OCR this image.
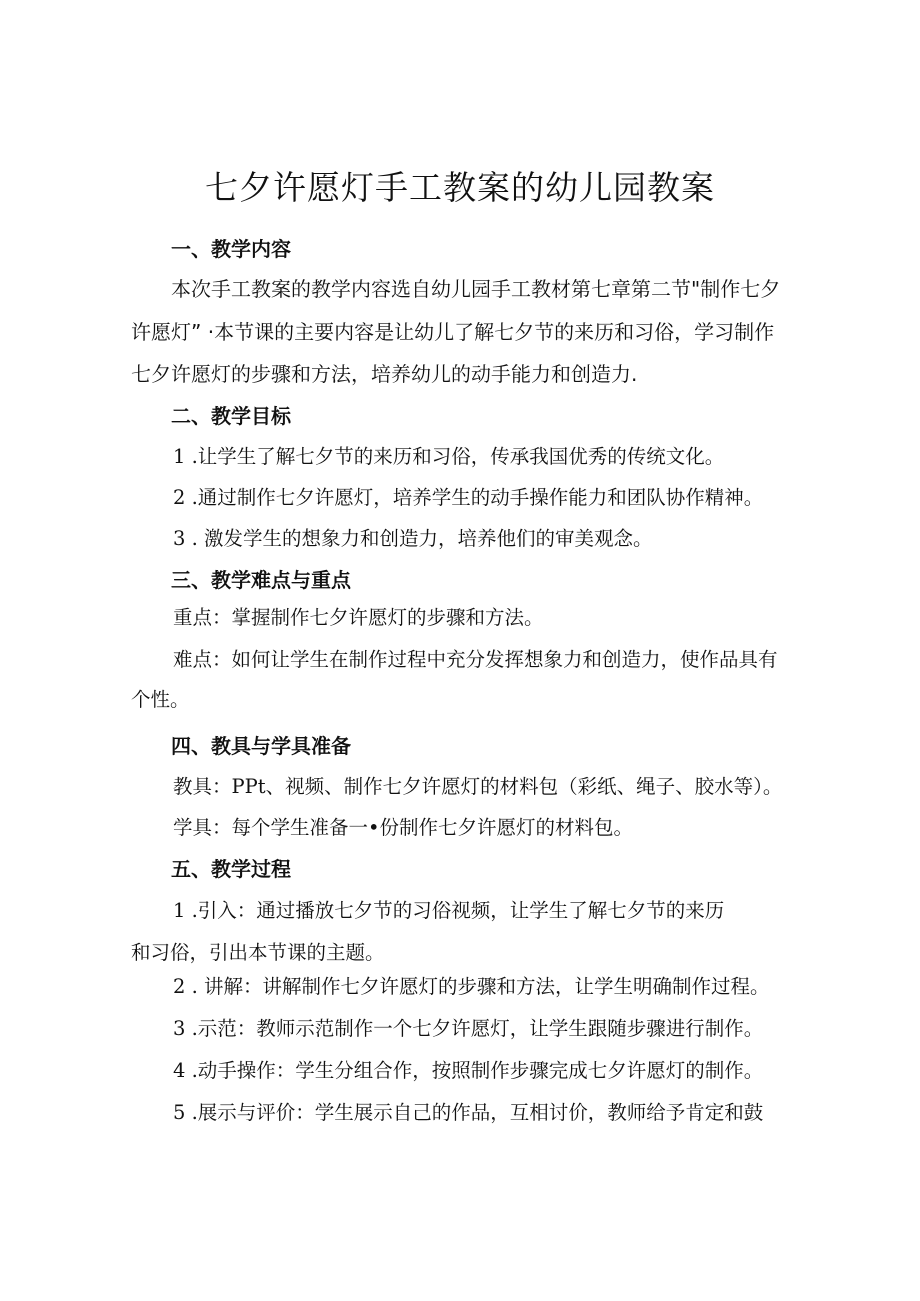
七夕许愿灯手工教案的幼儿园教案
一、教学内容
本次手工教案的教学内容选自幼儿园手工教材第七章第二节"制作七夕
许愿灯” ·本节课的主要内容是让幼儿了解七夕节的来历和习俗，学习制作
七夕许愿灯的步骤和方法，培养幼儿的动手能力和创造力.
二、教学目标
1 .让学生了解七夕节的来历和习俗，传承我国优秀的传统文化。
2 .通过制作七夕许愿灯，培养学生的动手操作能力和团队协作精神。
3 . 激发学生的想象力和创造力，培养他们的审美观念。
三、教学难点与重点
重点：掌握制作七夕许愿灯的步骤和方法。
难点：如何让学生在制作过程中充分发挥想象力和创造力，使作品具有
个性。
四、教具与学具准备
教具：PPt、视频、制作七夕许愿灯的材料包（彩纸、绳子、胶水等）。
学具：每个学生准备一•份制作七夕许愿灯的材料包。
五、教学过程
1 .引入：通过播放七夕节的习俗视频，让学生了解七夕节的来历
和习俗，引出本节课的主题。
2 . 讲解：讲解制作七夕许愿灯的步骤和方法，让学生明确制作过程。
3 .示范：教师示范制作一个七夕许愿灯，让学生跟随步骤进行制作。
4 .动手操作：学生分组合作，按照制作步骤完成七夕许愿灯的制作。
5 .展示与评价：学生展示自己的作品，互相讨价，教师给予肯定和鼓
